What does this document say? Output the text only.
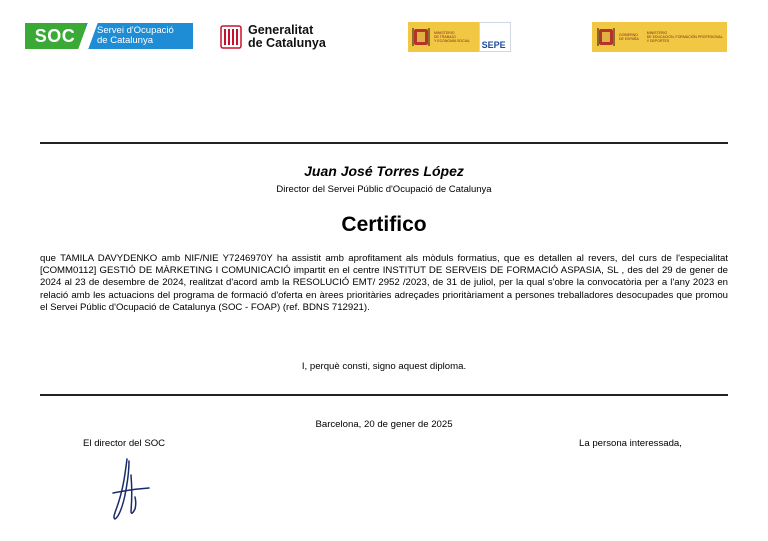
SOC Servei d'Ocupació
de Catalunya
Generalitat
de Catalunya
MINISTERIO
DE TRABAJO
Y ECONOMÍA SOCIAL SEPE
GOBIERNO
DE ESPAÑA
MINISTERIO
DE EDUCACIÓN, FORMACIÓN PROFESIONAL
Y DEPORTES
Juan José Torres López
Director del Servei Públic d'Ocupació de Catalunya
Certifico
que TAMILA DAVYDENKO amb NIF/NIE Y7246970Y ha assistit amb aprofitament als mòduls formatius, que es detallen al revers, del curs de l'especialitat [COMM0112] GESTIÓ DE MÀRKETING I COMUNICACIÓ impartit en el centre INSTITUT DE SERVEIS DE FORMACIÓ ASPASIA, SL , des del 29 de gener de 2024 al 23 de desembre de 2024, realitzat d'acord amb la RESOLUCIÓ EMT/ 2952 /2023, de 31 de juliol, per la qual s'obre la convocatòria per a l'any 2023 en relació amb les actuacions del programa de formació d'oferta en àrees prioritàries adreçades prioritàriament a persones treballadores desocupades que promou el Servei Públic d'Ocupació de Catalunya (SOC - FOAP) (ref. BDNS 712921).
I, perquè consti, signo aquest diploma.
Barcelona, 20 de gener de 2025
El director del SOC	La persona interessada,
